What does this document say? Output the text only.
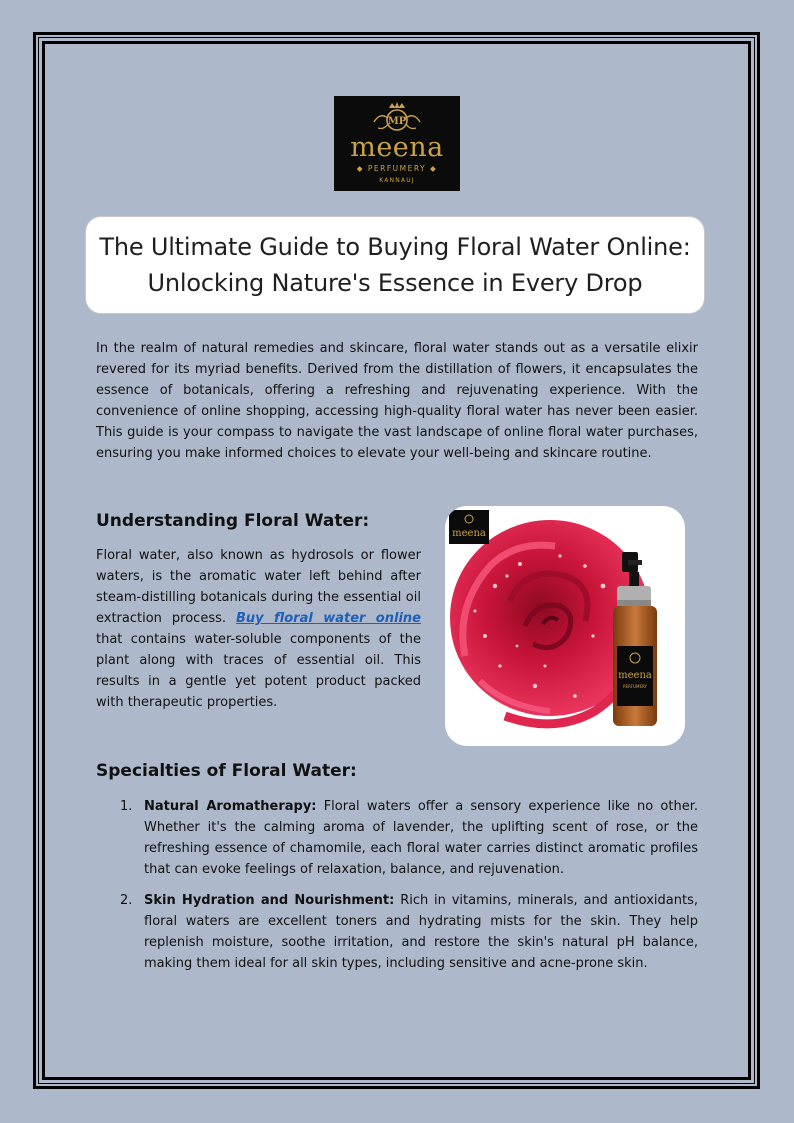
MP
meena
◆ PERFUMERY ◆
KANNAUJ
The Ultimate Guide to Buying Floral Water Online: Unlocking Nature's Essence in Every Drop

In the realm of natural remedies and skincare, floral water stands out as a versatile elixir revered for its myriad benefits. Derived from the distillation of flowers, it encapsulates the essence of botanicals, offering a refreshing and rejuvenating experience. With the convenience of online shopping, accessing high-quality floral water has never been easier. This guide is your compass to navigate the vast landscape of online floral water purchases, ensuring you make informed choices to elevate your well-being and skincare routine.

Understanding Floral Water:

Floral water, also known as hydrosols or flower waters, is the aromatic water left behind after steam-distilling botanicals during the essential oil extraction process. Buy floral water online that contains water-soluble components of the plant along with traces of essential oil. This results in a gentle yet potent product packed with therapeutic properties.

meena
meena
PERFUMERY
Specialties of Floral Water:
1. Natural Aromatherapy: Floral waters offer a sensory experience like no other. Whether it's the calming aroma of lavender, the uplifting scent of rose, or the refreshing essence of chamomile, each floral water carries distinct aromatic profiles that can evoke feelings of relaxation, balance, and rejuvenation.
2. Skin Hydration and Nourishment: Rich in vitamins, minerals, and antioxidants, floral waters are excellent toners and hydrating mists for the skin. They help replenish moisture, soothe irritation, and restore the skin's natural pH balance, making them ideal for all skin types, including sensitive and acne-prone skin.
